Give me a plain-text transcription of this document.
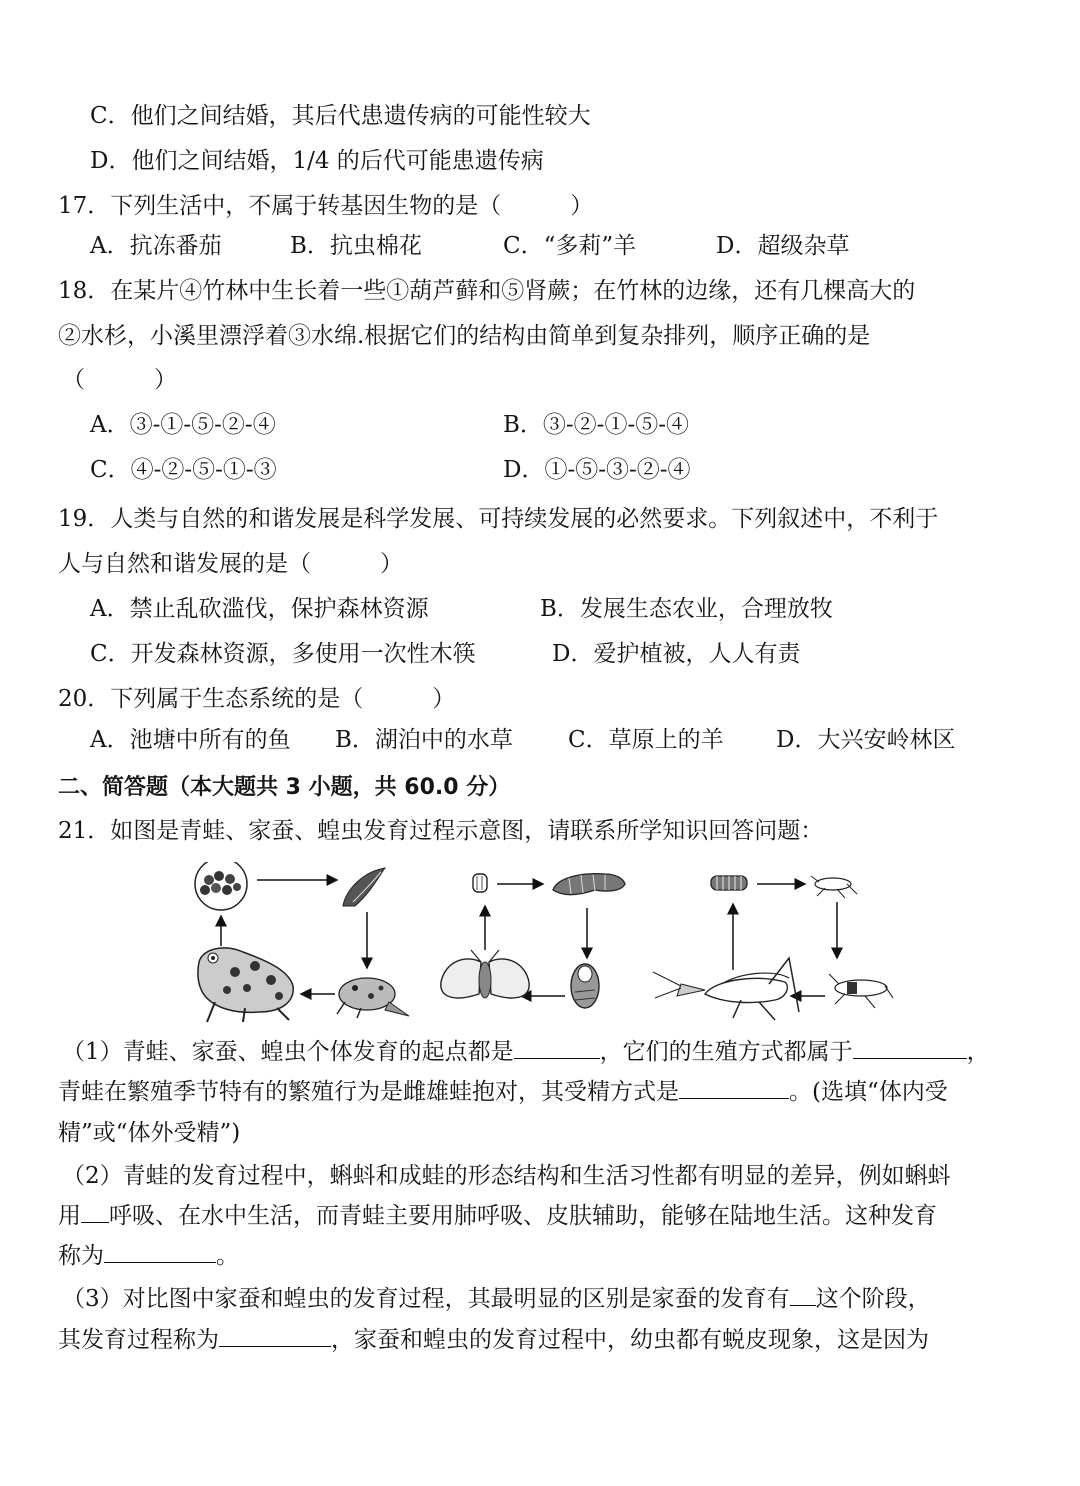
C．他们之间结婚，其后代患遗传病的可能性较大
D．他们之间结婚，1/4 的后代可能患遗传病
17．下列生活中，不属于转基因生物的是（　　　）
A．抗冻番茄	B．抗虫棉花	C．“多莉”羊	D．超级杂草
18．在某片④竹林中生长着一些①葫芦藓和⑤肾蕨；在竹林的边缘，还有几棵高大的
②水杉，小溪里漂浮着③水绵.根据它们的结构由简单到复杂排列，顺序正确的是
（　　　）
A．③-①-⑤-②-④	B．③-②-①-⑤-④
C．④-②-⑤-①-③	D．①-⑤-③-②-④
19．人类与自然的和谐发展是科学发展、可持续发展的必然要求。下列叙述中，不利于
人与自然和谐发展的是（　　　）
A．禁止乱砍滥伐，保护森林资源	B．发展生态农业，合理放牧
C．开发森林资源，多使用一次性木筷	D．爱护植被，人人有责
20．下列属于生态系统的是（　　　）
A．池塘中所有的鱼 B．湖泊中的水草 C．草原上的羊 D．大兴安岭林区
二、简答题（本大题共 3 小题，共 60.0 分）
21．如图是青蛙、家蚕、蝗虫发育过程示意图，请联系所学知识回答问题：
（1）青蛙、家蚕、蝗虫个体发育的起点都是	，它们的生殖方式都属于	，
青蛙在繁殖季节特有的繁殖行为是雌雄蛙抱对，其受精方式是	。(选填“体内受
精”或“体外受精”)
（2）青蛙的发育过程中，蝌蚪和成蛙的形态结构和生活习性都有明显的差异，例如蝌蚪
用 呼吸、在水中生活，而青蛙主要用肺呼吸、皮肤辅助，能够在陆地生活。这种发育
称为	。
（3）对比图中家蚕和蝗虫的发育过程，其最明显的区别是家蚕的发育有 这个阶段，
其发育过程称为	，家蚕和蝗虫的发育过程中，幼虫都有蜕皮现象，这是因为
